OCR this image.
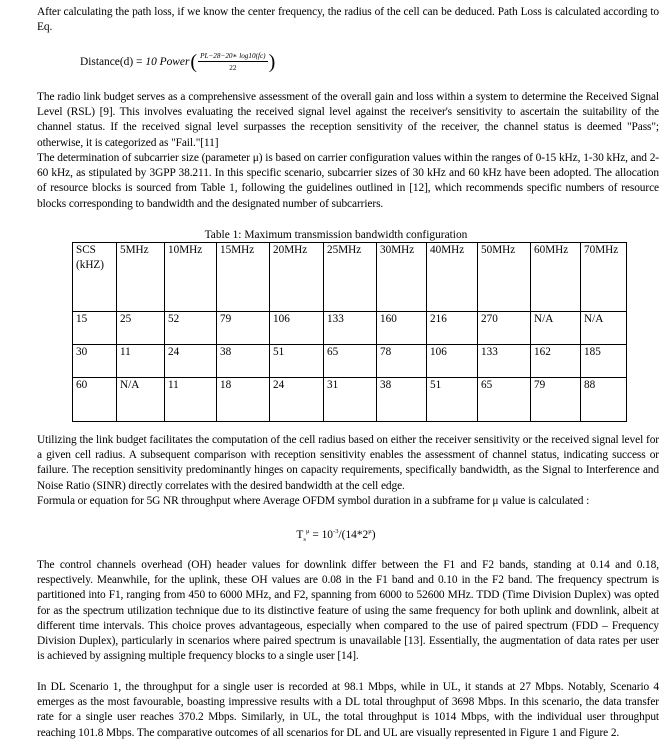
After calculating the path loss, if we know the center frequency, the radius of the cell can be deduced. Path Loss is calculated according to Eq.

Distance(d) = 10 Power ( $\frac{PL-28-20∗ \log 10(fc)}{22}$ )

The radio link budget serves as a comprehensive assessment of the overall gain and loss within a system to determine the Received Signal Level (RSL) [9]. This involves evaluating the received signal level against the receiver's sensitivity to ascertain the suitability of the channel status. If the received signal level surpasses the reception sensitivity of the receiver, the channel status is deemed "Pass"; otherwise, it is categorized as "Fail."[11]

The determination of subcarrier size (parameter μ) is based on carrier configuration values within the ranges of 0-15 kHz, 1-30 kHz, and 2-60 kHz, as stipulated by 3GPP 38.211. In this specific scenario, subcarrier sizes of 30 kHz and 60 kHz have been adopted. The allocation of resource blocks is sourced from Table 1, following the guidelines outlined in [12], which recommends specific numbers of resource blocks corresponding to bandwidth and the designated number of subcarriers.

Table 1: Maximum transmission bandwidth configuration
SCS (kHZ)	5MHz	10MHz	15MHz	20MHz	25MHz	30MHz	40MHz	50MHz	60MHz	70MHz
15	25	52	79	106	133	160	216	270	N/A	N/A
30	11	24	38	51	65	78	106	133	162	185
60	N/A	11	18	24	31	38	51	65	79	88

Utilizing the link budget facilitates the computation of the cell radius based on either the receiver sensitivity or the received signal level for a given cell radius. A subsequent comparison with reception sensitivity enables the assessment of channel status, indicating success or failure. The reception sensitivity predominantly hinges on capacity requirements, specifically bandwidth, as the Signal to Interference and Noise Ratio (SINR) directly correlates with the desired bandwidth at the cell edge.

Formula or equation for 5G NR throughput where Average OFDM symbol duration in a subframe for μ value is calculated :

$T_s^\mu = 10^{-3}/(14*2^\mu)$

The control channels overhead (OH) header values for downlink differ between the F1 and F2 bands, standing at 0.14 and 0.18, respectively. Meanwhile, for the uplink, these OH values are 0.08 in the F1 band and 0.10 in the F2 band. The frequency spectrum is partitioned into F1, ranging from 450 to 6000 MHz, and F2, spanning from 6000 to 52600 MHz. TDD (Time Division Duplex) was opted for as the spectrum utilization technique due to its distinctive feature of using the same frequency for both uplink and downlink, albeit at different time intervals. This choice proves advantageous, especially when compared to the use of paired spectrum (FDD – Frequency Division Duplex), particularly in scenarios where paired spectrum is unavailable [13]. Essentially, the augmentation of data rates per user is achieved by assigning multiple frequency blocks to a single user [14].

In DL Scenario 1, the throughput for a single user is recorded at 98.1 Mbps, while in UL, it stands at 27 Mbps. Notably, Scenario 4 emerges as the most favourable, boasting impressive results with a DL total throughput of 3698 Mbps. In this scenario, the data transfer rate for a single user reaches 370.2 Mbps. Similarly, in UL, the total throughput is 1014 Mbps, with the individual user throughput reaching 101.8 Mbps. The comparative outcomes of all scenarios for DL and UL are visually represented in Figure 1 and Figure 2.
